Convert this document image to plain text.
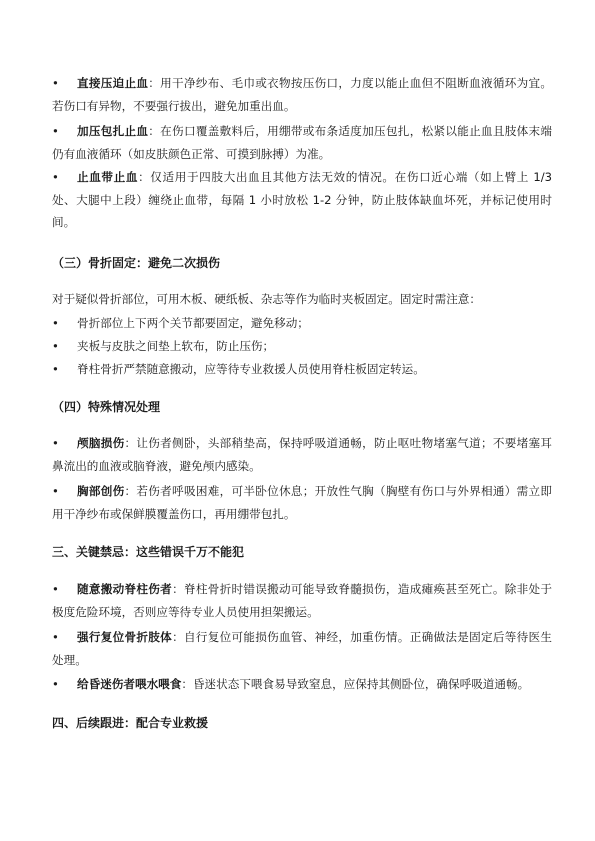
•	直接压迫止血：用干净纱布、毛巾或衣物按压伤口，力度以能止血但不阻断血液循环为宜。若伤口有异物，不要强行拔出，避免加重出血。
•	加压包扎止血：在伤口覆盖敷料后，用绷带或布条适度加压包扎，松紧以能止血且肢体末端仍有血液循环（如皮肤颜色正常、可摸到脉搏）为准。
•	止血带止血：仅适用于四肢大出血且其他方法无效的情况。在伤口近心端（如上臂上 1/3 处、大腿中上段）缠绕止血带，每隔 1 小时放松 1-2 分钟，防止肢体缺血坏死，并标记使用时间。
（三）骨折固定：避免二次损伤
对于疑似骨折部位，可用木板、硬纸板、杂志等作为临时夹板固定。固定时需注意：
•	骨折部位上下两个关节都要固定，避免移动；
•	夹板与皮肤之间垫上软布，防止压伤；
•	脊柱骨折严禁随意搬动，应等待专业救援人员使用脊柱板固定转运。
（四）特殊情况处理
•	颅脑损伤：让伤者侧卧，头部稍垫高，保持呼吸道通畅，防止呕吐物堵塞气道；不要堵塞耳鼻流出的血液或脑脊液，避免颅内感染。
•	胸部创伤：若伤者呼吸困难，可半卧位休息；开放性气胸（胸壁有伤口与外界相通）需立即用干净纱布或保鲜膜覆盖伤口，再用绷带包扎。
三、关键禁忌：这些错误千万不能犯
•	随意搬动脊柱伤者：脊柱骨折时错误搬动可能导致脊髓损伤，造成瘫痪甚至死亡。除非处于极度危险环境，否则应等待专业人员使用担架搬运。
•	强行复位骨折肢体：自行复位可能损伤血管、神经，加重伤情。正确做法是固定后等待医生处理。
•	给昏迷伤者喂水喂食：昏迷状态下喂食易导致窒息，应保持其侧卧位，确保呼吸道通畅。
四、后续跟进：配合专业救援
